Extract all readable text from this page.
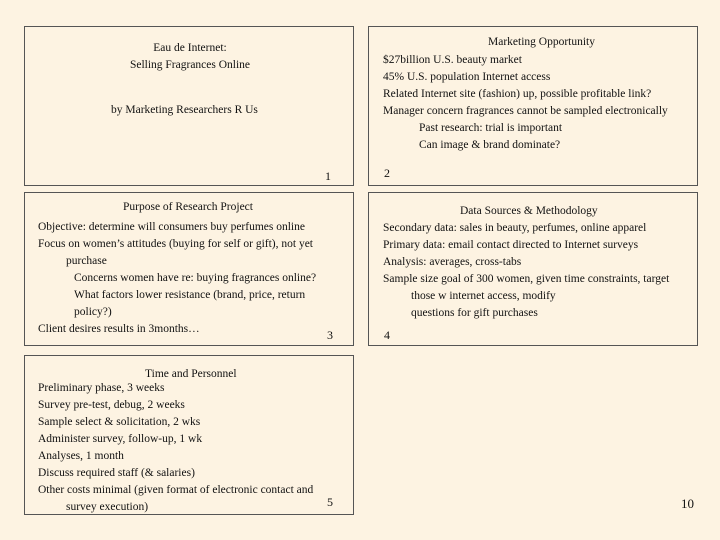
Eau de Internet:
Selling Fragrances Online
by Marketing Researchers R Us
1
Marketing Opportunity
$27billion U.S. beauty market
45% U.S. population Internet access
Related Internet site (fashion) up, possible profitable link?
Manager concern fragrances cannot be sampled electronically
Past research: trial is important
Can image & brand dominate?
2
Purpose of Research Project
Objective: determine will consumers buy perfumes online
Focus on women’s attitudes (buying for self or gift), not yet
purchase
Concerns women have re: buying fragrances online?
What factors lower resistance (brand, price, return
policy?)
Client desires results in 3months…	3
Data Sources & Methodology
Secondary data: sales in beauty, perfumes, online apparel
Primary data: email contact directed to Internet surveys
Analysis: averages, cross-tabs
Sample size goal of 300 women, given time constraints, target
those w internet access, modify
questions for gift purchases
4
Time and Personnel
Preliminary phase, 3 weeks
Survey pre-test, debug, 2 weeks
Sample select & solicitation, 2 wks
Administer survey, follow-up, 1 wk
Analyses, 1 month
Discuss required staff (& salaries)
Other costs minimal (given format of electronic contact and
survey execution)	5	10
